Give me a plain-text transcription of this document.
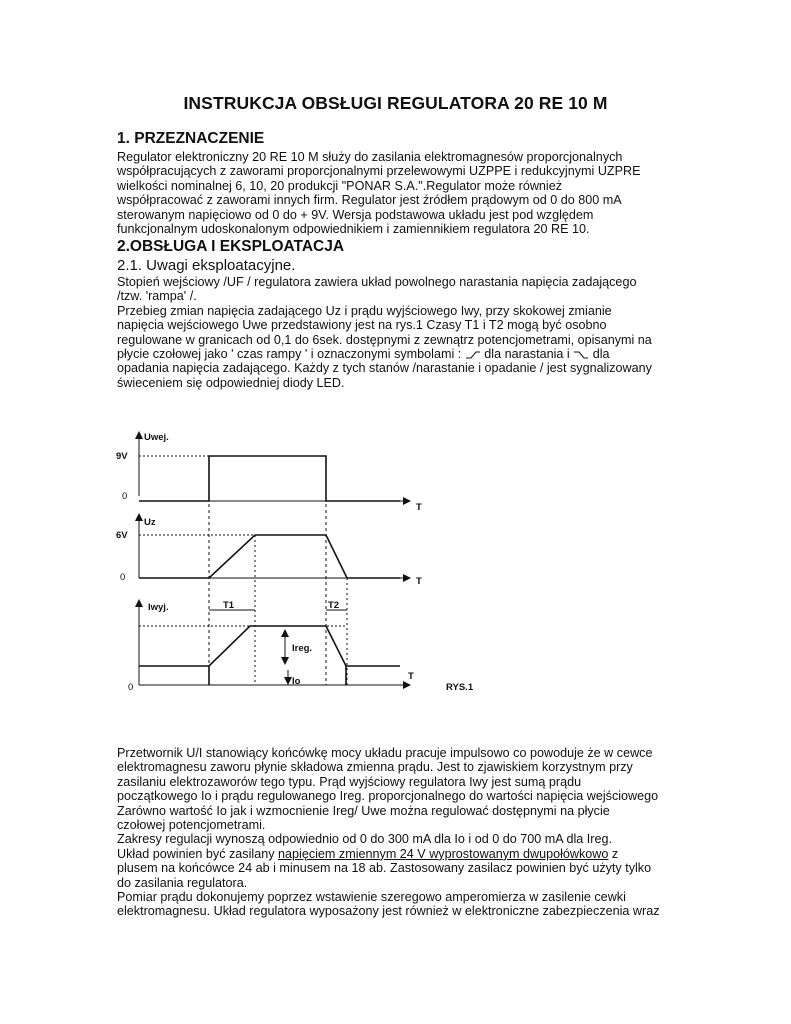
INSTRUKCJA OBSŁUGI REGULATORA 20 RE 10 M
1. PRZEZNACZENIE
Regulator elektroniczny 20 RE 10 M służy do zasilania elektromagnesów proporcjonalnych
współpracujących z zaworami proporcjonalnymi przelewowymi UZPPE i redukcyjnymi UZPRE
wielkości nominalnej 6, 10, 20 produkcji "PONAR S.A.".Regulator może również
współpracować z zaworami innych firm. Regulator jest źródłem prądowym od 0 do 800 mA
sterowanym napięciowo od 0 do + 9V. Wersja podstawowa układu jest pod względem
funkcjonalnym udoskonalonym odpowiednikiem i zamiennikiem regulatora 20 RE 10.
2.OBSŁUGA I EKSPLOATACJA
2.1. Uwagi eksploatacyjne.
Stopień wejściowy /UF / regulatora zawiera układ powolnego narastania napięcia zadającego
/tzw. 'rampa' /.
Przebieg zmian napięcia zadającego Uz i prądu wyjściowego Iwy, przy skokowej zmianie
napięcia wejściowego Uwe przedstawiony jest na rys.1 Czasy T1 i T2 mogą być osobno
regulowane w granicach od 0,1 do 6sek. dostępnymi z zewnątrz potencjometrami, opisanymi na
płycie czołowej jako ' czas rampy ' i oznaczonymi symbolami : dla narastania i dla
opadania napięcia zadającego. Każdy z tych stanów /narastanie i opadanie / jest sygnalizowany
świeceniem się odpowiedniej diody LED.
Uwej.
9V
T
Uz
6V
T
Iwyj.	T1	T2
Ireg.
Io	T
RYS.1
0
0
0
Przetwornik U/I stanowiący końcówkę mocy układu pracuje impulsowo co powoduje że w cewce
elektromagnesu zaworu płynie składowa zmienna prądu. Jest to zjawiskiem korzystnym przy
zasilaniu elektrozaworów tego typu. Prąd wyjściowy regulatora Iwy jest sumą prądu
początkowego Io i prądu regulowanego Ireg. proporcjonalnego do wartości napięcia wejściowego
Zarówno wartość Io jak i wzmocnienie Ireg/ Uwe można regulować dostępnymi na płycie
czołowej potencjometrami.
Zakresy regulacji wynoszą odpowiednio od 0 do 300 mA dla Io i od 0 do 700 mA dla Ireg.
Układ powinien być zasilany napięciem zmiennym 24 V wyprostowanym dwupołówkowo z
plusem na końcówce 24 ab i minusem na 18 ab. Zastosowany zasilacz powinien być użyty tylko
do zasilania regulatora.
Pomiar prądu dokonujemy poprzez wstawienie szeregowo amperomierza w zasilenie cewki
elektromagnesu. Układ regulatora wyposażony jest również w elektroniczne zabezpieczenia wraz
